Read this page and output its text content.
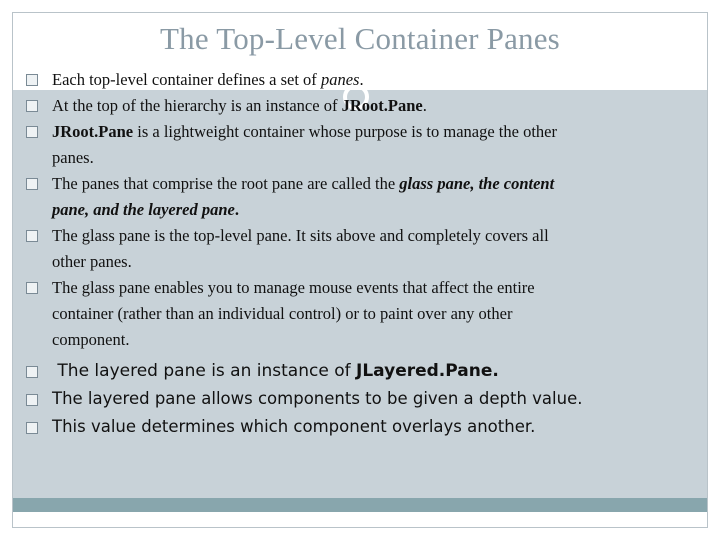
The Top-Level Container Panes
Each top-level container defines a set of panes.
At the top of the hierarchy is an instance of JRoot.Pane.
JRoot.Pane is a lightweight container whose purpose is to manage the other
panes.
The panes that comprise the root pane are called the glass pane, the content
pane, and the layered pane.
The glass pane is the top-level pane. It sits above and completely covers all
other panes.
The glass pane enables you to manage mouse events that affect the entire
container (rather than an individual control) or to paint over any other
component.
The layered pane is an instance of JLayered.Pane.
The layered pane allows components to be given a depth value.
This value determines which component overlays another.
